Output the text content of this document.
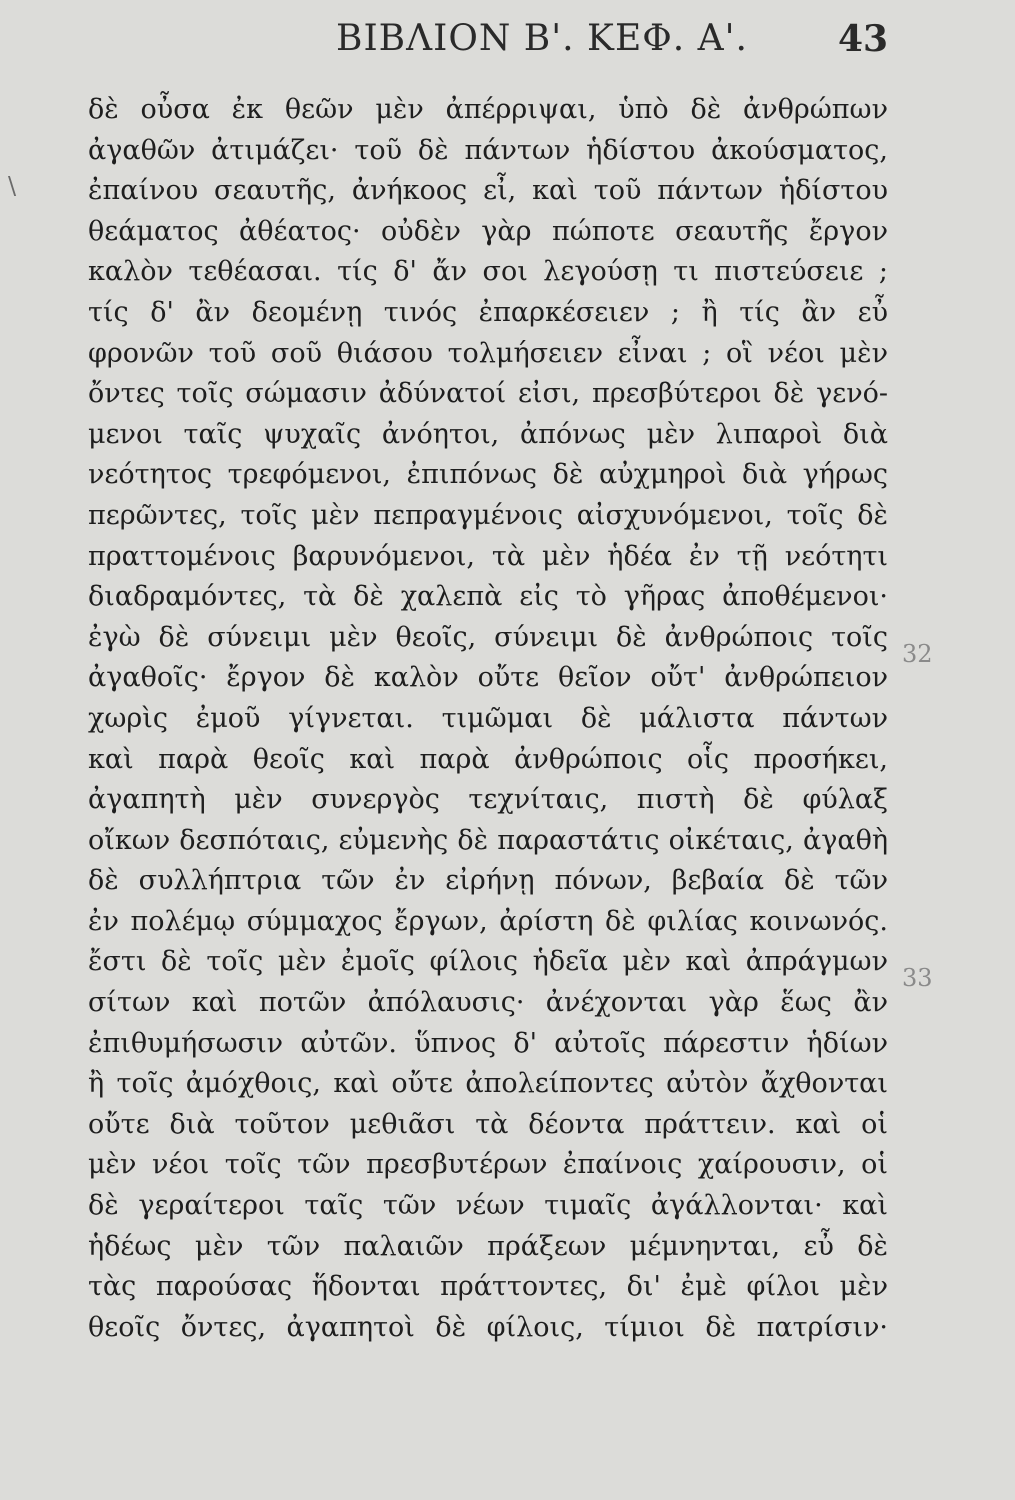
ΒΙΒΛΙΟΝ Β'. ΚΕΦ. Α'.	43
\
δὲ οὖσα ἐκ θεῶν μὲν ἀπέρριψαι, ὑπὸ δὲ ἀνθρώπων
ἀγαθῶν ἀτιμάζει· τοῦ δὲ πάντων ἡδίστου ἀκούσματος,
ἐπαίνου σεαυτῆς, ἀνήκοος εἶ, καὶ τοῦ πάντων ἡδίστου
θεάματος ἀθέατος· οὐδὲν γὰρ πώποτε σεαυτῆς ἔργον
καλὸν τεθέασαι. τίς δ' ἄν σοι λεγούσῃ τι πιστεύσειε ;
τίς δ' ἂν δεομένῃ τινός ἐπαρκέσειεν ; ἢ τίς ἂν εὖ
φρονῶν τοῦ σοῦ θιάσου τολμήσειεν εἶναι ; οἳ νέοι μὲν
ὄντες τοῖς σώμασιν ἀδύνατοί εἰσι, πρεσβύτεροι δὲ γενό-
μενοι ταῖς ψυχαῖς ἀνόητοι, ἀπόνως μὲν λιπαροὶ διὰ
νεότητος τρεφόμενοι, ἐπιπόνως δὲ αὐχμηροὶ διὰ γήρως
περῶντες, τοῖς μὲν πεπραγμένοις αἰσχυνόμενοι, τοῖς δὲ
πραττομένοις βαρυνόμενοι, τὰ μὲν ἡδέα ἐν τῇ νεότητι
διαδραμόντες, τὰ δὲ χαλεπὰ εἰς τὸ γῆρας ἀποθέμενοι·
ἐγὼ δὲ σύνειμι μὲν θεοῖς, σύνειμι δὲ ἀνθρώποις τοῖς
ἀγαθοῖς· ἔργον δὲ καλὸν οὔτε θεῖον οὔτ' ἀνθρώπειον
χωρὶς ἐμοῦ γίγνεται. τιμῶμαι δὲ μάλιστα πάντων
καὶ παρὰ θεοῖς καὶ παρὰ ἀνθρώποις οἷς προσήκει,
ἀγαπητὴ μὲν συνεργὸς τεχνίταις, πιστὴ δὲ φύλαξ
οἴκων δεσπόταις, εὐμενὴς δὲ παραστάτις οἰκέταις, ἀγαθὴ
δὲ συλλήπτρια τῶν ἐν εἰρήνῃ πόνων, βεβαία δὲ τῶν
ἐν πολέμῳ σύμμαχος ἔργων, ἀρίστη δὲ φιλίας κοινωνός.
ἔστι δὲ τοῖς μὲν ἐμοῖς φίλοις ἡδεῖα μὲν καὶ ἀπράγμων
σίτων καὶ ποτῶν ἀπόλαυσις· ἀνέχονται γὰρ ἕως ἂν
ἐπιθυμήσωσιν αὐτῶν. ὕπνος δ' αὐτοῖς πάρεστιν ἡδίων
ἢ τοῖς ἀμόχθοις, καὶ οὔτε ἀπολείποντες αὐτὸν ἄχθονται
οὔτε διὰ τοῦτον μεθιᾶσι τὰ δέοντα πράττειν. καὶ οἱ
μὲν νέοι τοῖς τῶν πρεσβυτέρων ἐπαίνοις χαίρουσιν, οἱ
δὲ γεραίτεροι ταῖς τῶν νέων τιμαῖς ἀγάλλονται· καὶ
ἡδέως μὲν τῶν παλαιῶν πράξεων μέμνηνται, εὖ δὲ
τὰς παρούσας ἥδονται πράττοντες, δι' ἐμὲ φίλοι μὲν
θεοῖς ὄντες, ἀγαπητοὶ δὲ φίλοις, τίμιοι δὲ πατρίσιν·
32
33
